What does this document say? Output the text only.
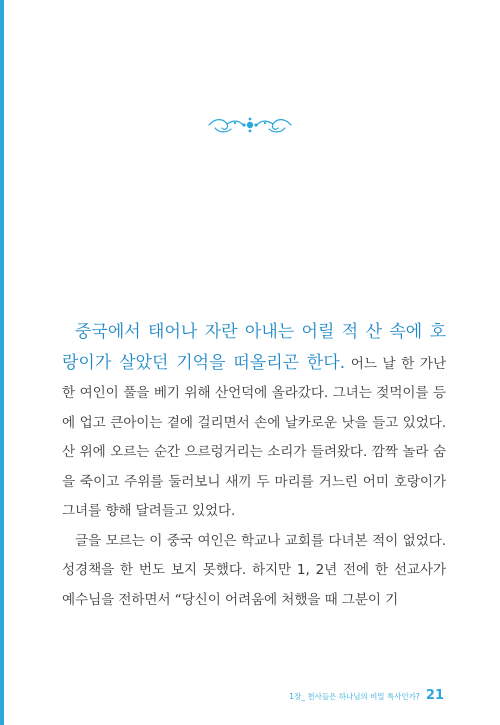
중국에서 태어나 자란 아내는 어릴 적 산 속에 호랑이가 살았던 기억을 떠올리곤 한다. 어느 날 한 가난한 여인이 풀을 베기 위해 산언덕에 올라갔다. 그녀는 젖먹이를 등에 업고 큰아이는 곁에 걸리면서 손에 날카로운 낫을 들고 있었다. 산 위에 오르는 순간 으르렁거리는 소리가 들려왔다. 깜짝 놀라 숨을 죽이고 주위를 둘러보니 새끼 두 마리를 거느린 어미 호랑이가 그녀를 향해 달려들고 있었다.

글을 모르는 이 중국 여인은 학교나 교회를 다녀본 적이 없었다. 성경책을 한 번도 보지 못했다. 하지만 1, 2년 전에 한 선교사가 예수님을 전하면서 “당신이 어려움에 처했을 때 그분이 기

1장_ 천사들은 하나님의 비밀 특사인가? 21
